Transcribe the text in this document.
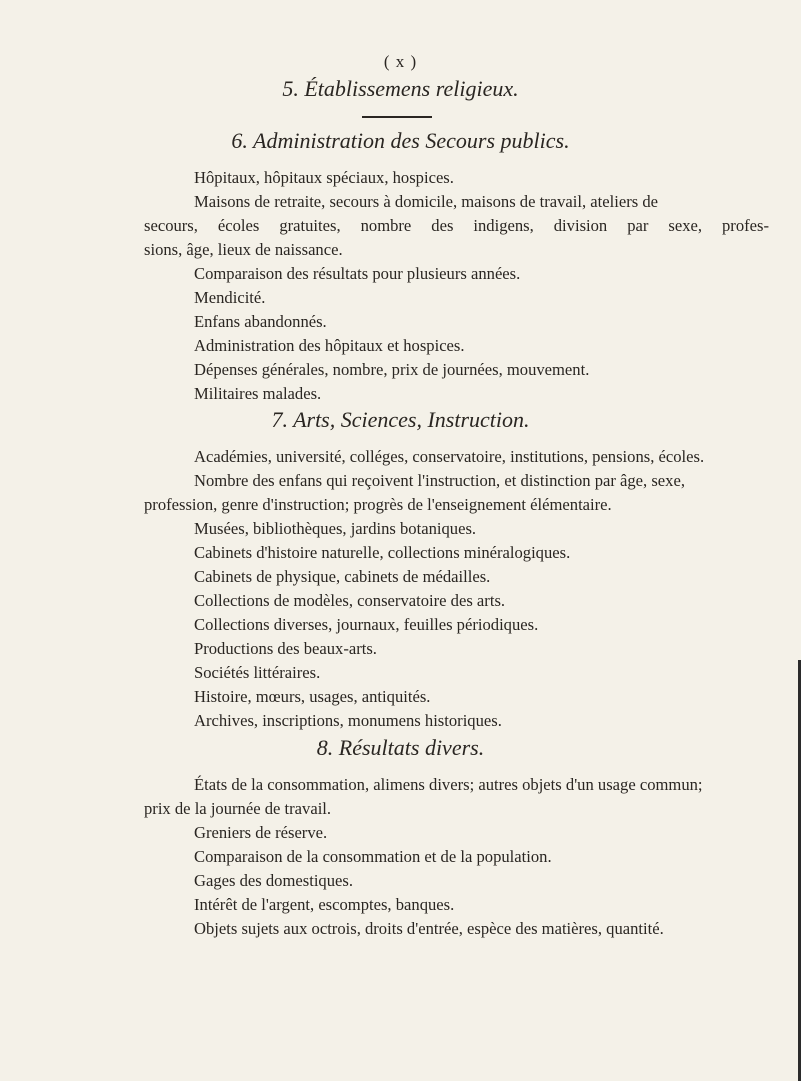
( x )
5. Établissemens religieux.
6. Administration des Secours publics.
Hôpitaux, hôpitaux spéciaux, hospices.
Maisons de retraite, secours à domicile, maisons de travail, ateliers de
secours, écoles gratuites, nombre des indigens, division par sexe, profes-
sions, âge, lieux de naissance.
Comparaison des résultats pour plusieurs années.
Mendicité.
Enfans abandonnés.
Administration des hôpitaux et hospices.
Dépenses générales, nombre, prix de journées, mouvement.
Militaires malades.
7. Arts, Sciences, Instruction.
Académies, université, colléges, conservatoire, institutions, pensions, écoles.
Nombre des enfans qui reçoivent l'instruction, et distinction par âge, sexe,
profession, genre d'instruction; progrès de l'enseignement élémentaire.
Musées, bibliothèques, jardins botaniques.
Cabinets d'histoire naturelle, collections minéralogiques.
Cabinets de physique, cabinets de médailles.
Collections de modèles, conservatoire des arts.
Collections diverses, journaux, feuilles périodiques.
Productions des beaux-arts.
Sociétés littéraires.
Histoire, mœurs, usages, antiquités.
Archives, inscriptions, monumens historiques.
8. Résultats divers.
États de la consommation, alimens divers; autres objets d'un usage commun;
prix de la journée de travail.
Greniers de réserve.
Comparaison de la consommation et de la population.
Gages des domestiques.
Intérêt de l'argent, escomptes, banques.
Objets sujets aux octrois, droits d'entrée, espèce des matières, quantité.
